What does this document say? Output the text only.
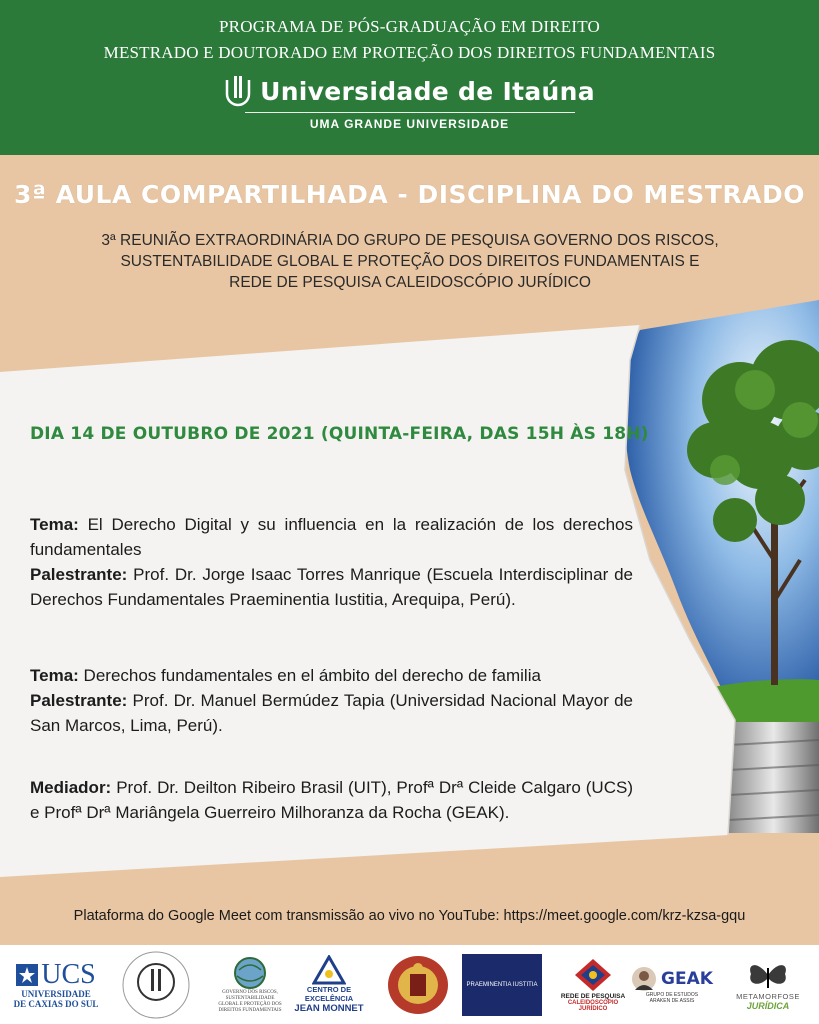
PROGRAMA DE PÓS-GRADUAÇÃO EM DIREITO
MESTRADO E DOUTORADO EM PROTEÇÃO DOS DIREITOS FUNDAMENTAIS
Universidade de Itaúna
UMA GRANDE UNIVERSIDADE
3ª AULA COMPARTILHADA - DISCIPLINA DO MESTRADO
3ª REUNIÃO EXTRAORDINÁRIA DO GRUPO DE PESQUISA GOVERNO DOS RISCOS,
SUSTENTABILIDADE GLOBAL E PROTEÇÃO DOS DIREITOS FUNDAMENTAIS E
REDE DE PESQUISA CALEIDOSCÓPIO JURÍDICO
DIA 14 DE OUTUBRO DE 2021 (QUINTA-FEIRA, DAS 15H ÀS 18H)
Tema: El Derecho Digital y su influencia en la realización de los derechos fundamentales
Palestrante: Prof. Dr. Jorge Isaac Torres Manrique (Escuela Interdisciplinar de Derechos Fundamentales Praeminentia Iustitia, Arequipa, Perú).
Tema: Derechos fundamentales en el ámbito del derecho de familia
Palestrante: Prof. Dr. Manuel Bermúdez Tapia (Universidad Nacional Mayor de San Marcos, Lima, Perú).
Mediador: Prof. Dr. Deilton Ribeiro Brasil (UIT), Profª Drª Cleide Calgaro (UCS) e Profª Drª Mariângela Guerreiro Milhoranza da Rocha (GEAK).
Plataforma do Google Meet com transmissão ao vivo no YouTube: https://meet.google.com/krz-kzsa-gqu
UCS
UNIVERSIDADE
DE CAXIAS DO SUL
GOVERNO DOS RISCOS,
SUSTENTABILIDADE
GLOBAL E PROTEÇÃO DOS
DIREITOS FUNDAMENTAIS
CENTRO DE EXCELÊNCIA
JEAN MONNET
PRAEMINENTIA IUSTITIA
REDE DE PESQUISA
CALEIDOSCÓPIO JURÍDICO
GEAK
GRUPO DE ESTUDOS
ARAKEN DE ASSIS	METAMORFOSE
JURÍDICA
